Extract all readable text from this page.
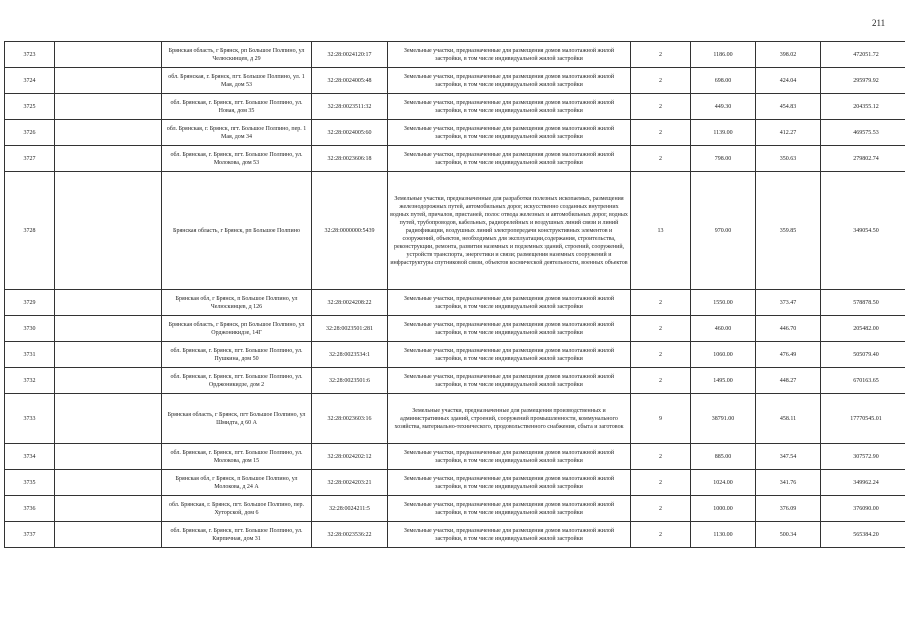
211
3723		Брянская область, г Брянск, рп Большое Полпино, ул Челюскинцев, д 29	32:28:0024120:17	Земельные участки, предназначенные для размещения домов малоэтажной жилой застройки, в том числе индивидуальной жилой застройки	2	1186.00	398.02	472051.72
3724		обл. Брянская, г. Брянск, пгт. Большое Полпино, ул. 1 Мая, дом 53	32:28:0024005:48	Земельные участки, предназначенные для размещения домов малоэтажной жилой застройки, в том числе индивидуальной жилой застройки	2	698.00	424.04	295979.92
3725		обл. Брянская, г. Брянск, пгт. Большое Полпино, ул. Новая, дом 35	32:28:0023511:32	Земельные участки, предназначенные для размещения домов малоэтажной жилой застройки, в том числе индивидуальной жилой застройки	2	449.30	454.83	204355.12
3726		обл. Брянская, г. Брянск, пгт. Большое Полпино, пер. 1 Мая, дом 34	32:28:0024005:60	Земельные участки, предназначенные для размещения домов малоэтажной жилой застройки, в том числе индивидуальной жилой застройки	2	1139.00	412.27	469575.53
3727		обл. Брянская, г. Брянск, пгт. Большое Полпино, ул. Молокова, дом 53	32:28:0023606:18	Земельные участки, предназначенные для размещения домов малоэтажной жилой застройки, в том числе индивидуальной жилой застройки	2	798.00	350.63	279802.74
3728		Брянская область, г Брянск, рп Большое Полпино	32:28:0000000:5439	Земельные участки, предназначенные для разработки полезных ископаемых, размещения железнодорожных путей, автомобильных дорог, искусственно созданных внутренних водных путей, причалов, пристаней, полос отвода железных и автомобильных дорог, водных путей, трубопроводов, кабельных, радиорелейных и воздушных линий связи и линий радиофикации, воздушных линий электропередачи конструктивных элементов и сооружений, объектов, необходимых для эксплуатации,содержания, строительства, реконструкции, ремонта, развития наземных и подземных зданий, строений, сооружений, устройств транспорта, энергетики и связи; размещения наземных сооружений и инфраструктуры спутниковой связи, объектов космической деятельности, военных объектов	13	970.00	359.85	349054.50
3729		Брянская обл, г Брянск, п Большое Полпино, ул Челюскинцев, д 126	32:28:0024208:22	Земельные участки, предназначенные для размещения домов малоэтажной жилой застройки, в том числе индивидуальной жилой застройки	2	1550.00	373.47	578878.50
3730		Брянская область, г Брянск, рп Большое Полпино, ул Орджоникидзе, 14Г	32:28:0023501:281	Земельные участки, предназначенные для размещения домов малоэтажной жилой застройки, в том числе индивидуальной жилой застройки	2	460.00	446.70	205482.00
3731		обл. Брянская, г. Брянск, пгт. Большое Полпино, ул. Пушкина, дом 50	32:28:0023534:1	Земельные участки, предназначенные для размещения домов малоэтажной жилой застройки, в том числе индивидуальной жилой застройки	2	1060.00	476.49	505079.40
3732		обл. Брянская, г. Брянск, пгт. Большое Полпино, ул. Орджоникидзе, дом 2	32:28:0023501:6	Земельные участки, предназначенные для размещения домов малоэтажной жилой застройки, в том числе индивидуальной жилой застройки	2	1495.00	448.27	670163.65
3733		Брянская область, г Брянск, пгт Большое Полпино, ул Шмидта, д 60 А	32:28:0023603:16	Земельные участки, предназначенные для размещения производственных и административных зданий, строений, сооружений промышленности, коммунального хозяйства, материально-технического, продовольственного снабжения, сбыта и заготовок	9	38791.00	458.11	17770545.01
3734		обл. Брянская, г. Брянск, пгт. Большое Полпино, ул. Молокова, дом 15	32:28:0024202:12	Земельные участки, предназначенные для размещения домов малоэтажной жилой застройки, в том числе индивидуальной жилой застройки	2	885.00	347.54	307572.90
3735		Брянская обл, г Брянск, п Большое Полпино, ул Молокова, д 24 А	32:28:0024203:21	Земельные участки, предназначенные для размещения домов малоэтажной жилой застройки, в том числе индивидуальной жилой застройки	2	1024.00	341.76	349962.24
3736		обл. Брянская, г. Брянск, пгт. Большое Полпино, пер. Хуторской, дом 6	32:28:0024211:5	Земельные участки, предназначенные для размещения домов малоэтажной жилой застройки, в том числе индивидуальной жилой застройки	2	1000.00	376.09	376090.00
3737		обл. Брянская, г. Брянск, пгт. Большое Полпино, ул. Кирпичная, дом 31	32:28:0023536:22	Земельные участки, предназначенные для размещения домов малоэтажной жилой застройки, в том числе индивидуальной жилой застройки	2	1130.00	500.34	565384.20
